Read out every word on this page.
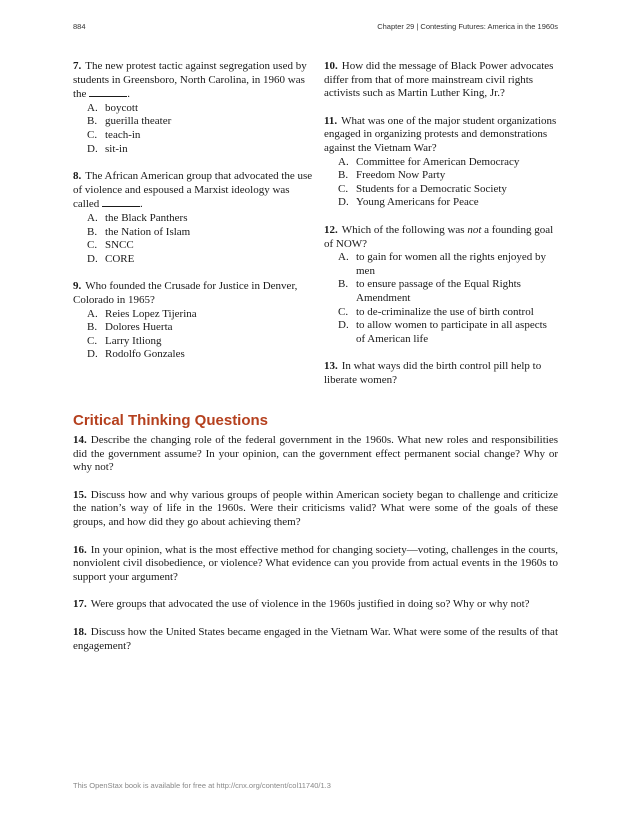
884	Chapter 29 | Contesting Futures: America in the 1960s

7. The new protest tactic against segregation used by students in Greensboro, North Carolina, in 1960 was the	.

A. boycott
B. guerilla theater
C. teach-in
D. sit-in

8. The African American group that advocated the use of violence and espoused a Marxist ideology was called	.

A. the Black Panthers
B. the Nation of Islam
C. SNCC
D. CORE

9. Who founded the Crusade for Justice in Denver, Colorado in 1965?

A. Reies Lopez Tijerina
B. Dolores Huerta
C. Larry Itliong
D. Rodolfo Gonzales

10. How did the message of Black Power advocates differ from that of more mainstream civil rights activists such as Martin Luther King, Jr.?

11. What was one of the major student organizations engaged in organizing protests and demonstrations against the Vietnam War?

A. Committee for American Democracy
B. Freedom Now Party
C. Students for a Democratic Society
D. Young Americans for Peace

12. Which of the following was not a founding goal of NOW?

A. to gain for women all the rights enjoyed by men
B. to ensure passage of the Equal Rights Amendment
C. to de-criminalize the use of birth control
D. to allow women to participate in all aspects of American life

13. In what ways did the birth control pill help to liberate women?

Critical Thinking Questions

14. Describe the changing role of the federal government in the 1960s. What new roles and responsibilities did the government assume? In your opinion, can the government effect permanent social change? Why or why not?

15. Discuss how and why various groups of people within American society began to challenge and criticize the nation’s way of life in the 1960s. Were their criticisms valid? What were some of the goals of these groups, and how did they go about achieving them?

16. In your opinion, what is the most effective method for changing society—voting, challenges in the courts, nonviolent civil disobedience, or violence? What evidence can you provide from actual events in the 1960s to support your argument?

17. Were groups that advocated the use of violence in the 1960s justified in doing so? Why or why not?

18. Discuss how the United States became engaged in the Vietnam War. What were some of the results of that engagement?

This OpenStax book is available for free at http://cnx.org/content/col11740/1.3
